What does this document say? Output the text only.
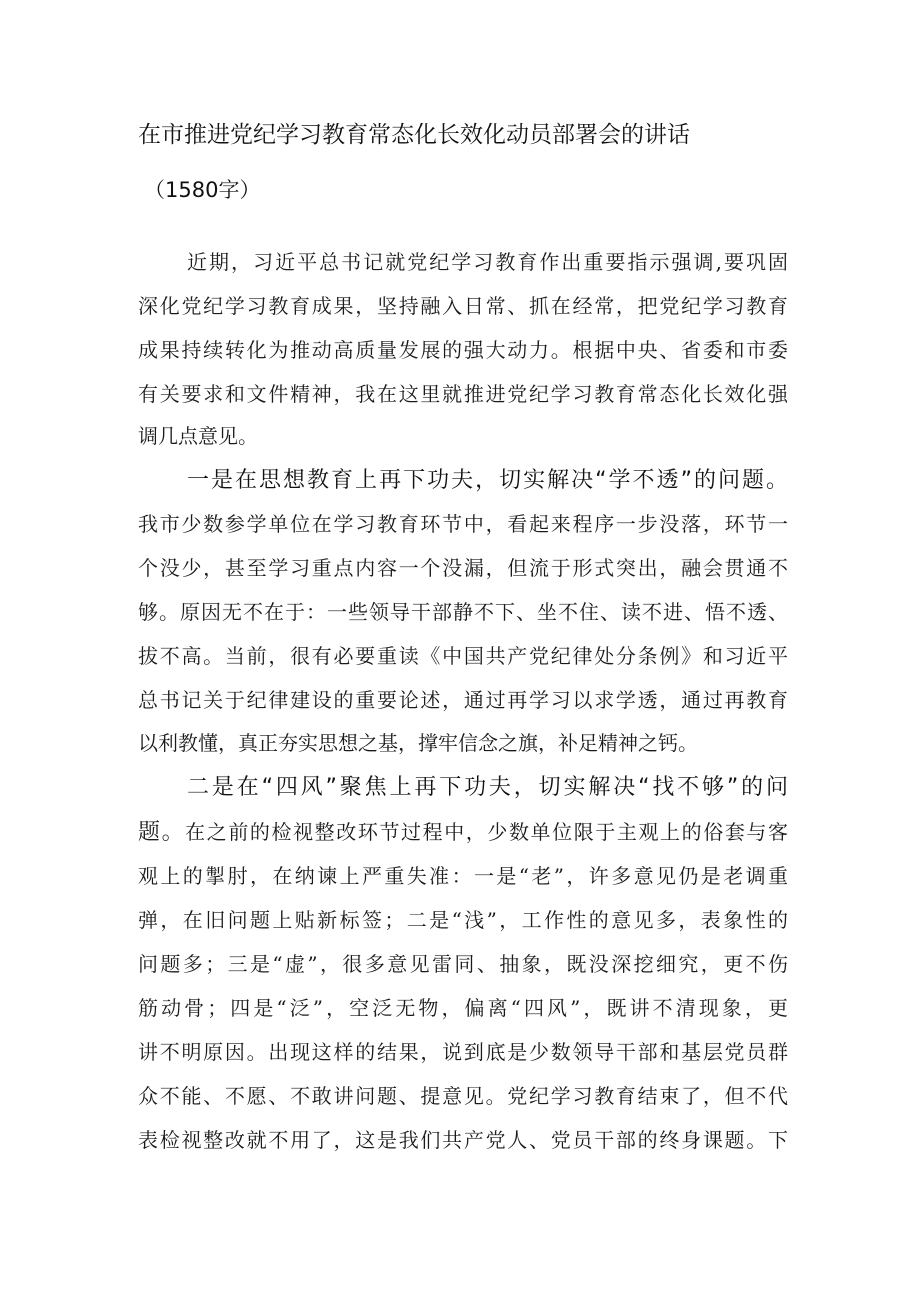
在市推进党纪学习教育常态化长效化动员部署会的讲话
（1580字）
近期，习近平总书记就党纪学习教育作出重要指示强调,要巩固
深化党纪学习教育成果，坚持融入日常、抓在经常，把党纪学习教育
成果持续转化为推动高质量发展的强大动力。根据中央、省委和市委
有关要求和文件精神，我在这里就推进党纪学习教育常态化长效化强
调几点意见。
一是在思想教育上再下功夫，切实解决“学不透”的问题。
我市少数参学单位在学习教育环节中，看起来程序一步没落，环节一
个没少，甚至学习重点内容一个没漏，但流于形式突出，融会贯通不
够。原因无不在于：一些领导干部静不下、坐不住、读不进、悟不透、
拔不高。当前，很有必要重读《中国共产党纪律处分条例》和习近平
总书记关于纪律建设的重要论述，通过再学习以求学透，通过再教育
以利教懂，真正夯实思想之基，撑牢信念之旗，补足精神之钙。
二是在“四风”聚焦上再下功夫，切实解决“找不够”的问
题。在之前的检视整改环节过程中，少数单位限于主观上的俗套与客
观上的掣肘，在纳谏上严重失准：一是“老”，许多意见仍是老调重
弹，在旧问题上贴新标签；二是“浅”，工作性的意见多，表象性的
问题多；三是“虚”，很多意见雷同、抽象，既没深挖细究，更不伤
筋动骨；四是“泛”，空泛无物，偏离“四风”，既讲不清现象，更
讲不明原因。出现这样的结果，说到底是少数领导干部和基层党员群
众不能、不愿、不敢讲问题、提意见。党纪学习教育结束了，但不代
表检视整改就不用了，这是我们共产党人、党员干部的终身课题。下
